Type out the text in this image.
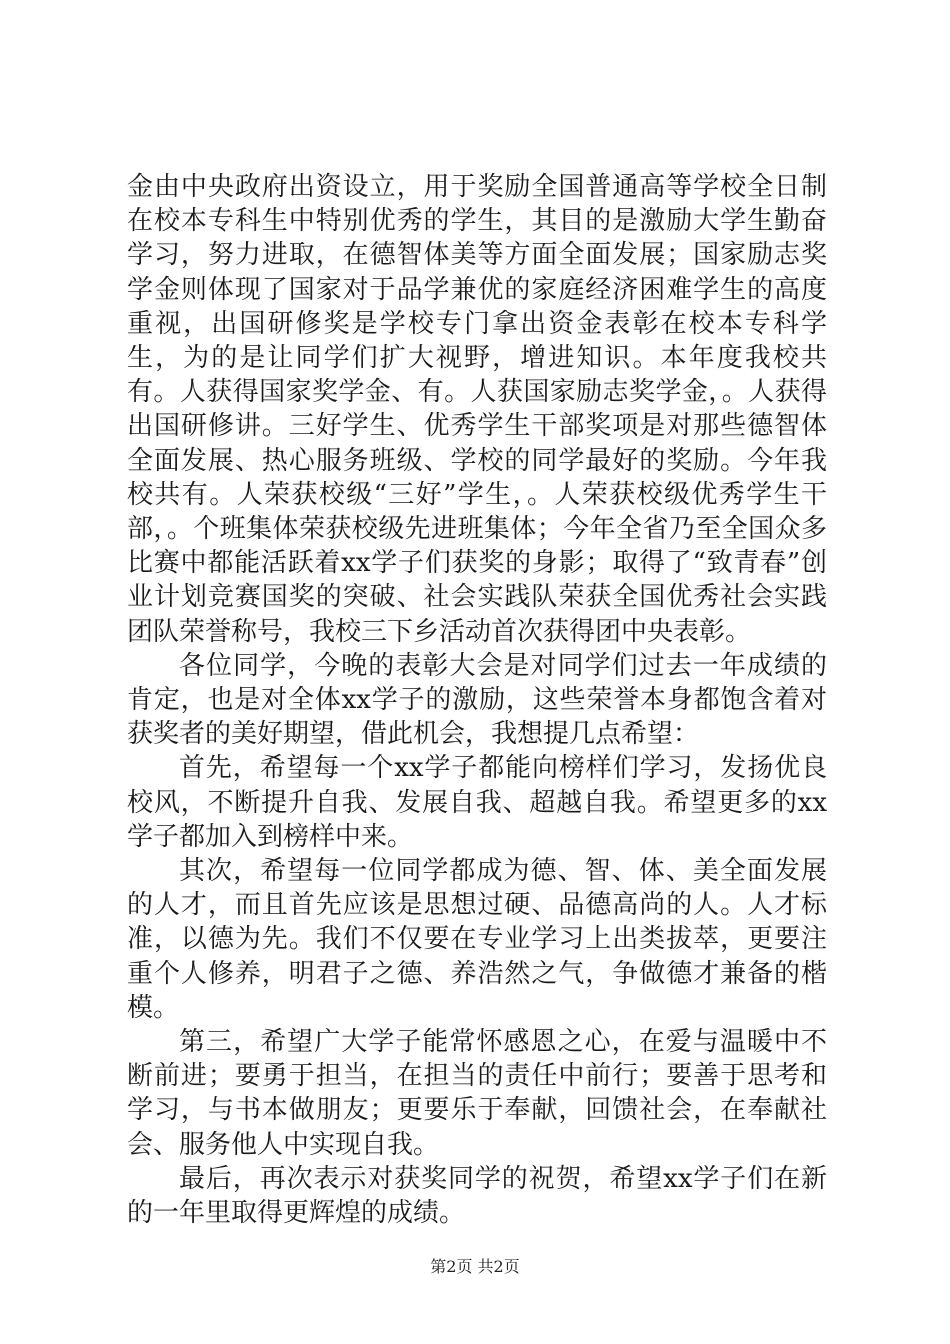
金由中央政府出资设立，用于奖励全国普通高等学校全日制在校本专科生中特别优秀的学生，其目的是激励大学生勤奋学习，努力进取，在德智体美等方面全面发展；国家励志奖学金则体现了国家对于品学兼优的家庭经济困难学生的高度重视，出国研修奖是学校专门拿出资金表彰在校本专科学生，为的是让同学们扩大视野，增进知识。本年度我校共有。人获得国家奖学金、有。人获国家励志奖学金，。人获得出国研修讲。三好学生、优秀学生干部奖项是对那些德智体全面发展、热心服务班级、学校的同学最好的奖励。今年我校共有。人荣获校级“三好”学生，。人荣获校级优秀学生干部，。个班集体荣获校级先进班集体；今年全省乃至全国众多比赛中都能活跃着xx学子们获奖的身影；取得了“致青春”创业计划竞赛国奖的突破、社会实践队荣获全国优秀社会实践团队荣誉称号，我校三下乡活动首次获得团中央表彰。

各位同学，今晚的表彰大会是对同学们过去一年成绩的肯定，也是对全体xx学子的激励，这些荣誉本身都饱含着对获奖者的美好期望，借此机会，我想提几点希望：

首先，希望每一个xx学子都能向榜样们学习，发扬优良校风，不断提升自我、发展自我、超越自我。希望更多的xx学子都加入到榜样中来。

其次，希望每一位同学都成为德、智、体、美全面发展的人才，而且首先应该是思想过硬、品德高尚的人。人才标准，以德为先。我们不仅要在专业学习上出类拔萃，更要注重个人修养，明君子之德、养浩然之气，争做德才兼备的楷模。

第三，希望广大学子能常怀感恩之心，在爱与温暖中不断前进；要勇于担当，在担当的责任中前行；要善于思考和学习，与书本做朋友；更要乐于奉献，回馈社会，在奉献社会、服务他人中实现自我。

最后，再次表示对获奖同学的祝贺，希望xx学子们在新的一年里取得更辉煌的成绩。

第2页 共2页
